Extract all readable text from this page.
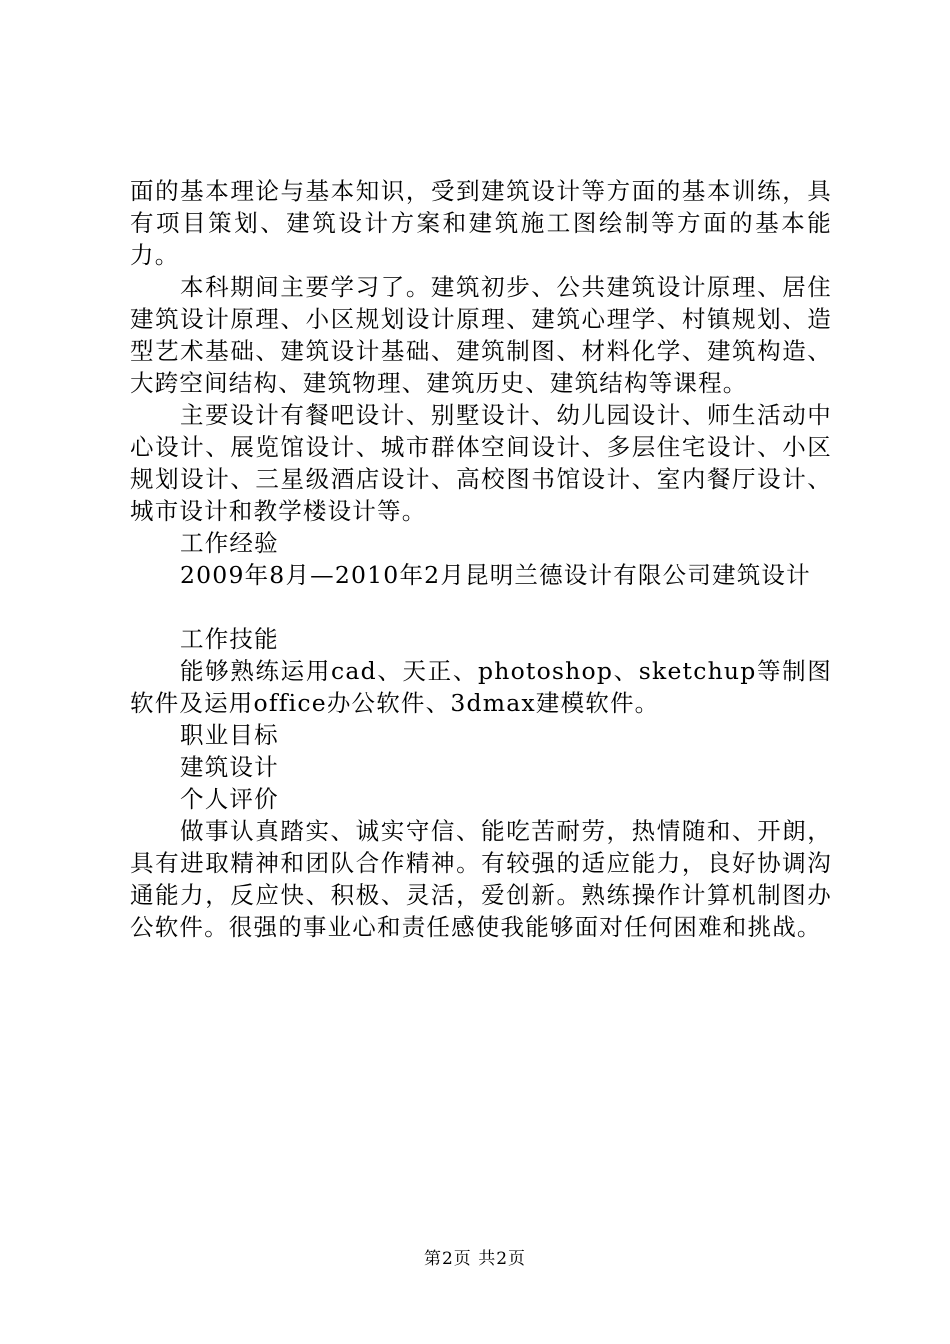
面的基本理论与基本知识，受到建筑设计等方面的基本训练，具有项目策划、建筑设计方案和建筑施工图绘制等方面的基本能力。

本科期间主要学习了。建筑初步、公共建筑设计原理、居住建筑设计原理、小区规划设计原理、建筑心理学、村镇规划、造型艺术基础、建筑设计基础、建筑制图、材料化学、建筑构造、大跨空间结构、建筑物理、建筑历史、建筑结构等课程。

主要设计有餐吧设计、别墅设计、幼儿园设计、师生活动中心设计、展览馆设计、城市群体空间设计、多层住宅设计、小区规划设计、三星级酒店设计、高校图书馆设计、室内餐厅设计、城市设计和教学楼设计等。

工作经验

2009年8月—2010年2月昆明兰德设计有限公司建筑设计

工作技能

能够熟练运用cad、天正、photoshop、sketchup等制图软件及运用office办公软件、3dmax建模软件。

职业目标

建筑设计

个人评价

做事认真踏实、诚实守信、能吃苦耐劳，热情随和、开朗，具有进取精神和团队合作精神。有较强的适应能力，良好协调沟通能力，反应快、积极、灵活，爱创新。熟练操作计算机制图办公软件。很强的事业心和责任感使我能够面对任何困难和挑战。

第2页 共2页
